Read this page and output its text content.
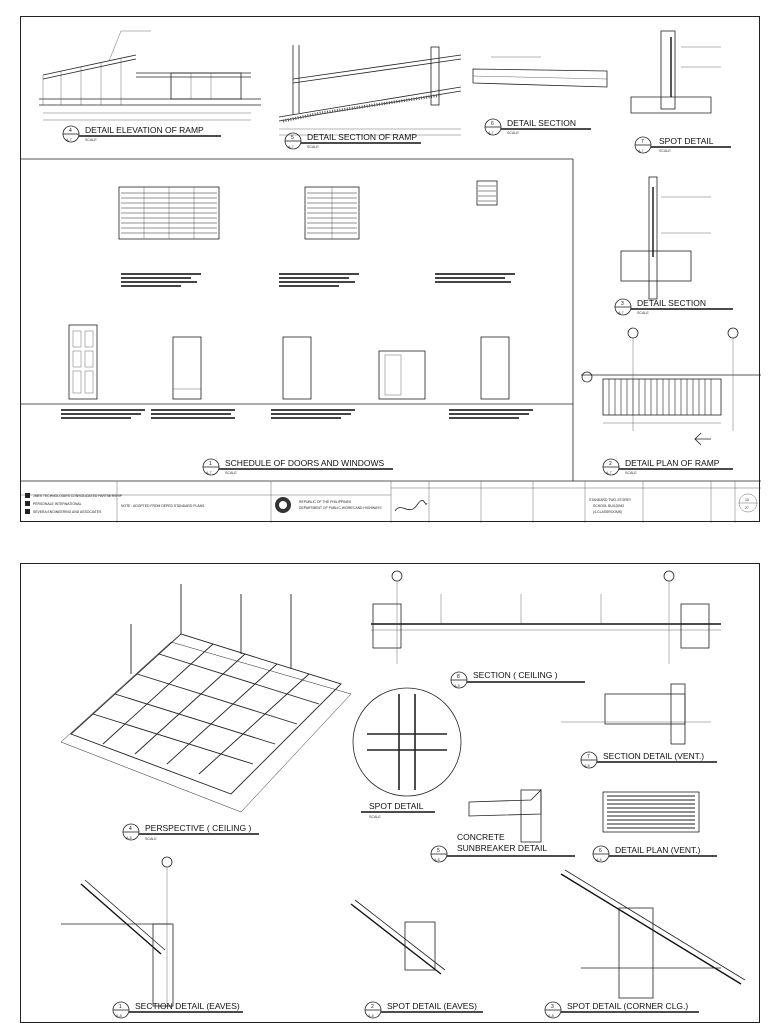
4
A-7
DETAIL ELEVATION OF RAMP
SCALE	5
A-7
DETAIL SECTION OF RAMP
SCALE
6
A-7
DETAIL SECTION
SCALE
7
A-7
SPOT DETAIL
SCALE
3
A-7
DETAIL SECTION
SCALE
1
A-7
SCHEDULE OF DOORS AND WINDOWS
SCALE
2
A-7
DETAIL PLAN OF RAMP
SCALE
JMES TECHNOLOGIES CONSOLIDATED PARTNERSHIP
PERSONALE INTERNATIONAL
SEVERA ENGINEERING AND ASSOCIATES
NOTE : ADOPTED FROM DEPED STANDARD PLANS
REPUBLIC OF THE PHILIPPINES
DEPARTMENT OF PUBLIC WORKS AND HIGHWAYS
STANDARD TWO-STOREY
SCHOOL BUILDING
(4-CLASSROOMS)
13
27
8
A-8
SECTION ( CEILING )
SPOT DETAIL
SCALE
4
A-8
PERSPECTIVE ( CEILING )
SCALE
5
A-8
CONCRETE
SUNBREAKER DETAIL
7
A-8
SECTION DETAIL (VENT.)
6
A-8
DETAIL PLAN (VENT.)
1
A-8
SECTION DETAIL (EAVES)	2
A-8
SPOT DETAIL (EAVES)	3
A-8
SPOT DETAIL (CORNER CLG.)
